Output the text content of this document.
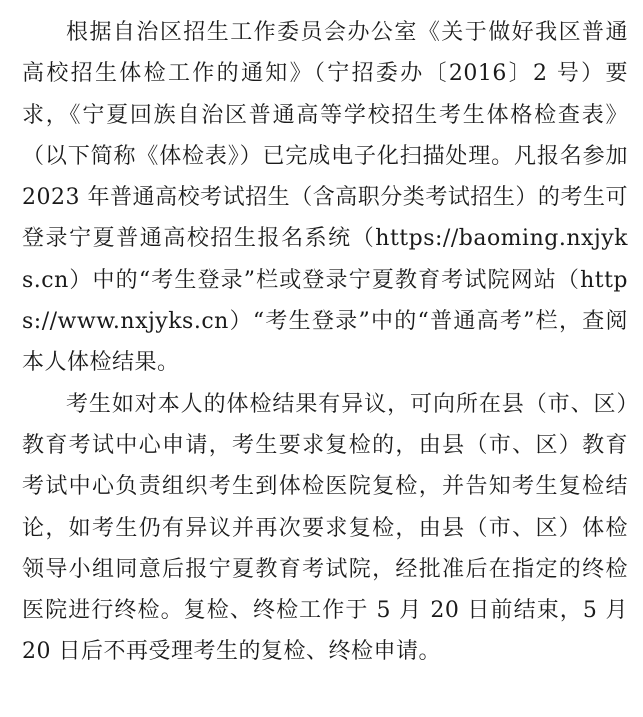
根据自治区招生工作委员会办公室《关于做好我区普通高校招生体检工作的通知》（宁招委办〔2016〕2 号）要求，《宁夏回族自治区普通高等学校招生考生体格检查表》（以下简称《体检表》）已完成电子化扫描处理。凡报名参加 2023 年普通高校考试招生（含高职分类考试招生）的考生可登录宁夏普通高校招生报名系统（https://baoming.nxjyks.cn）中的“考生登录”栏或登录宁夏教育考试院网站（https://www.nxjyks.cn）“考生登录”中的“普通高考”栏，查阅本人体检结果。

考生如对本人的体检结果有异议，可向所在县（市、区）教育考试中心申请，考生要求复检的，由县（市、区）教育考试中心负责组织考生到体检医院复检，并告知考生复检结论，如考生仍有异议并再次要求复检，由县（市、区）体检领导小组同意后报宁夏教育考试院，经批准后在指定的终检医院进行终检。复检、终检工作于 5 月 20 日前结束，5 月 20 日后不再受理考生的复检、终检申请。
